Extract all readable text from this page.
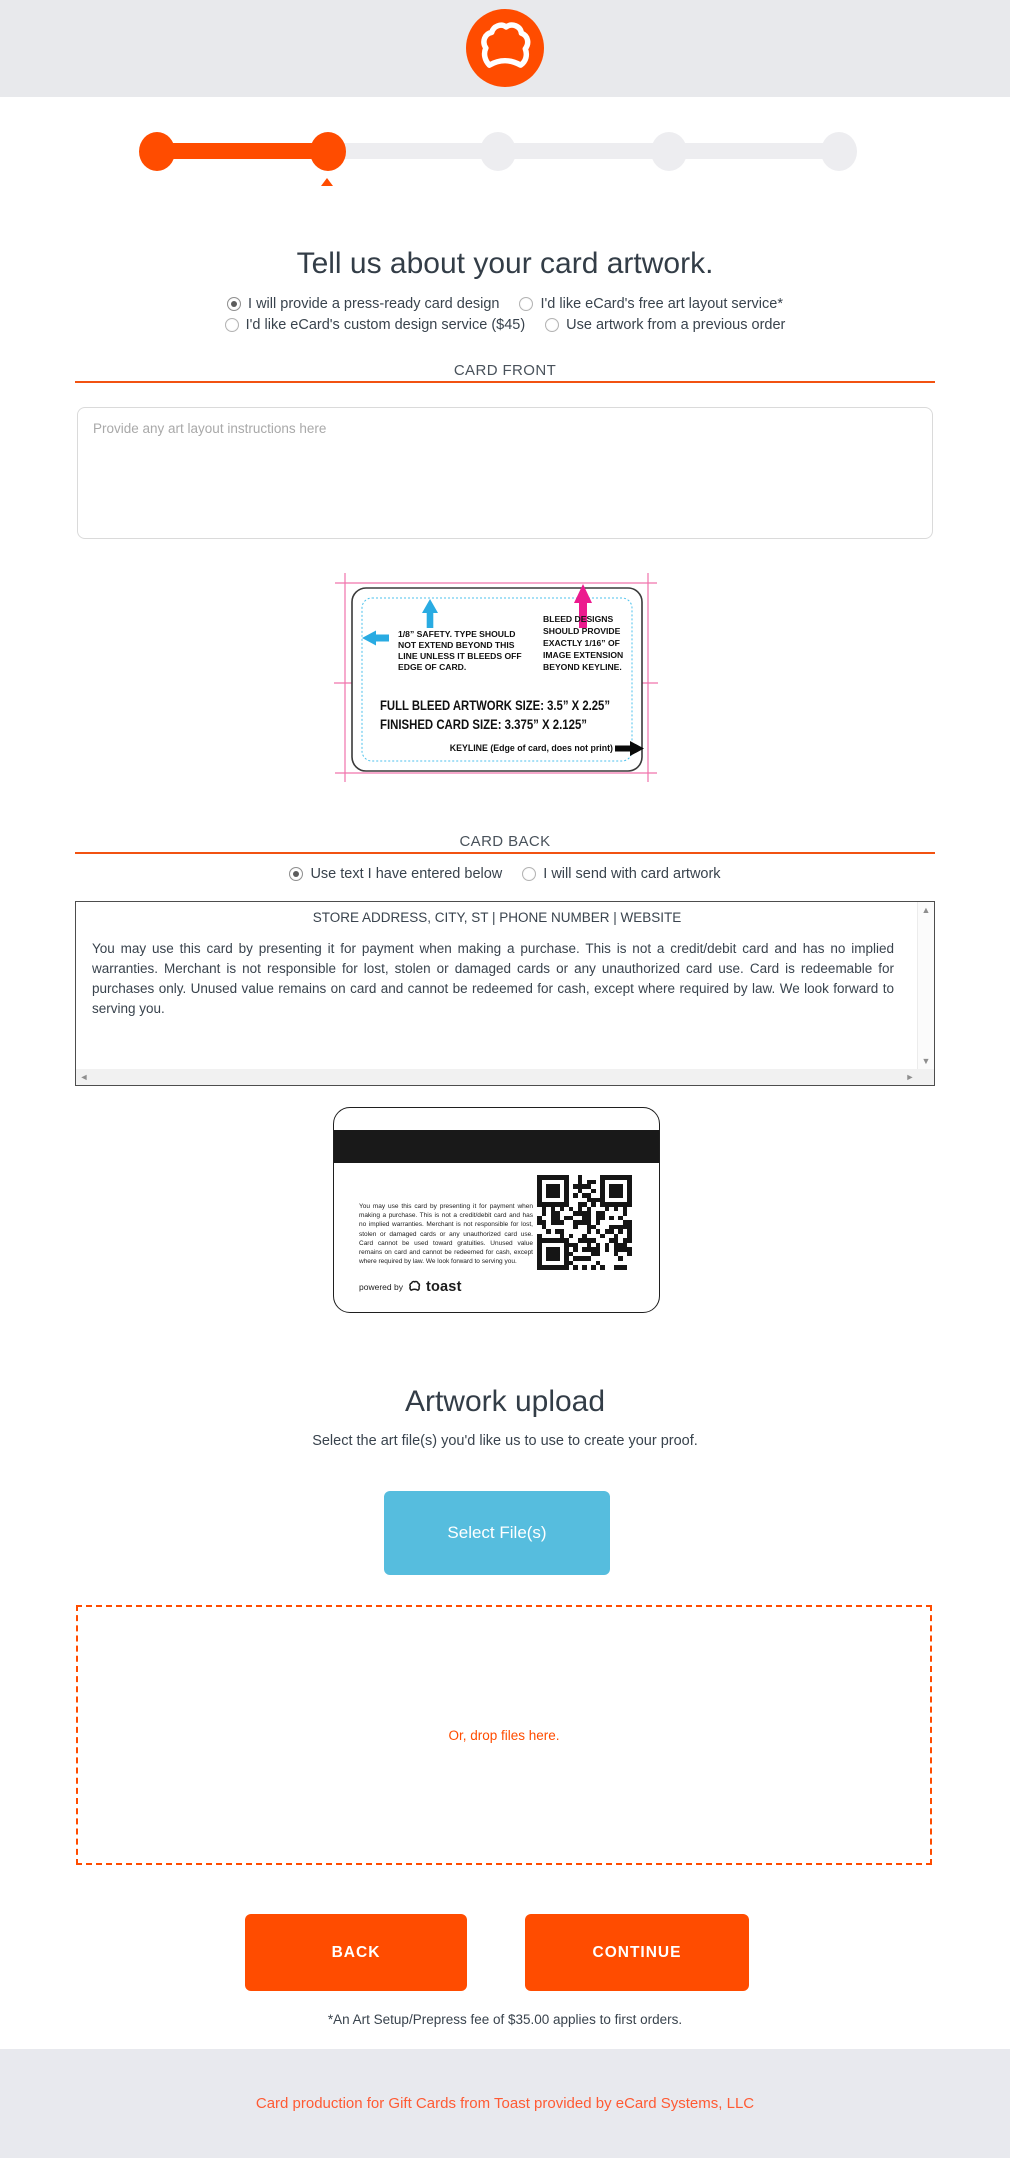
Tell us about your card artwork.
I will provide a press-ready card design	I'd like eCard's free art layout service*
I'd like eCard's custom design service ($45)	Use artwork from a previous order
CARD FRONT
Provide any art layout instructions here
1/8” SAFETY. TYPE SHOULD
NOT EXTEND BEYOND THIS
LINE UNLESS IT BLEEDS OFF
EDGE OF CARD.
BLEED DESIGNS
SHOULD PROVIDE
EXACTLY 1/16” OF
IMAGE EXTENSION
BEYOND KEYLINE.
FULL BLEED ARTWORK SIZE: 3.5” X 2.25”
FINISHED CARD SIZE: 3.375” X 2.125”
KEYLINE (Edge of card, does not print)
CARD BACK
Use text I have entered below	I will send with card artwork
STORE ADDRESS, CITY, ST | PHONE NUMBER | WEBSITE
You may use this card by presenting it for payment when making a purchase. This is not a credit/debit card and has no implied warranties. Merchant is not responsible for lost, stolen or damaged cards or any unauthorized card use. Card is redeemable for purchases only. Unused value remains on card and cannot be redeemed for cash, except where required by law. We look forward to serving you.
▲
▼
◄	►
You may use this card by presenting it for payment when making a purchase. This is not a credit/debit card and has no implied warranties. Merchant is not responsible for lost, stolen or damaged cards or any unauthorized card use. Card cannot be used toward gratuities. Unused value remains on card and cannot be redeemed for cash, except where required by law. We look forward to serving you.
powered by toast
Artwork upload
Select the art file(s) you'd like us to use to create your proof.
Select File(s)
Or, drop files here.
BACK	CONTINUE
*An Art Setup/Prepress fee of $35.00 applies to first orders.
Card production for Gift Cards from Toast provided by eCard Systems, LLC
